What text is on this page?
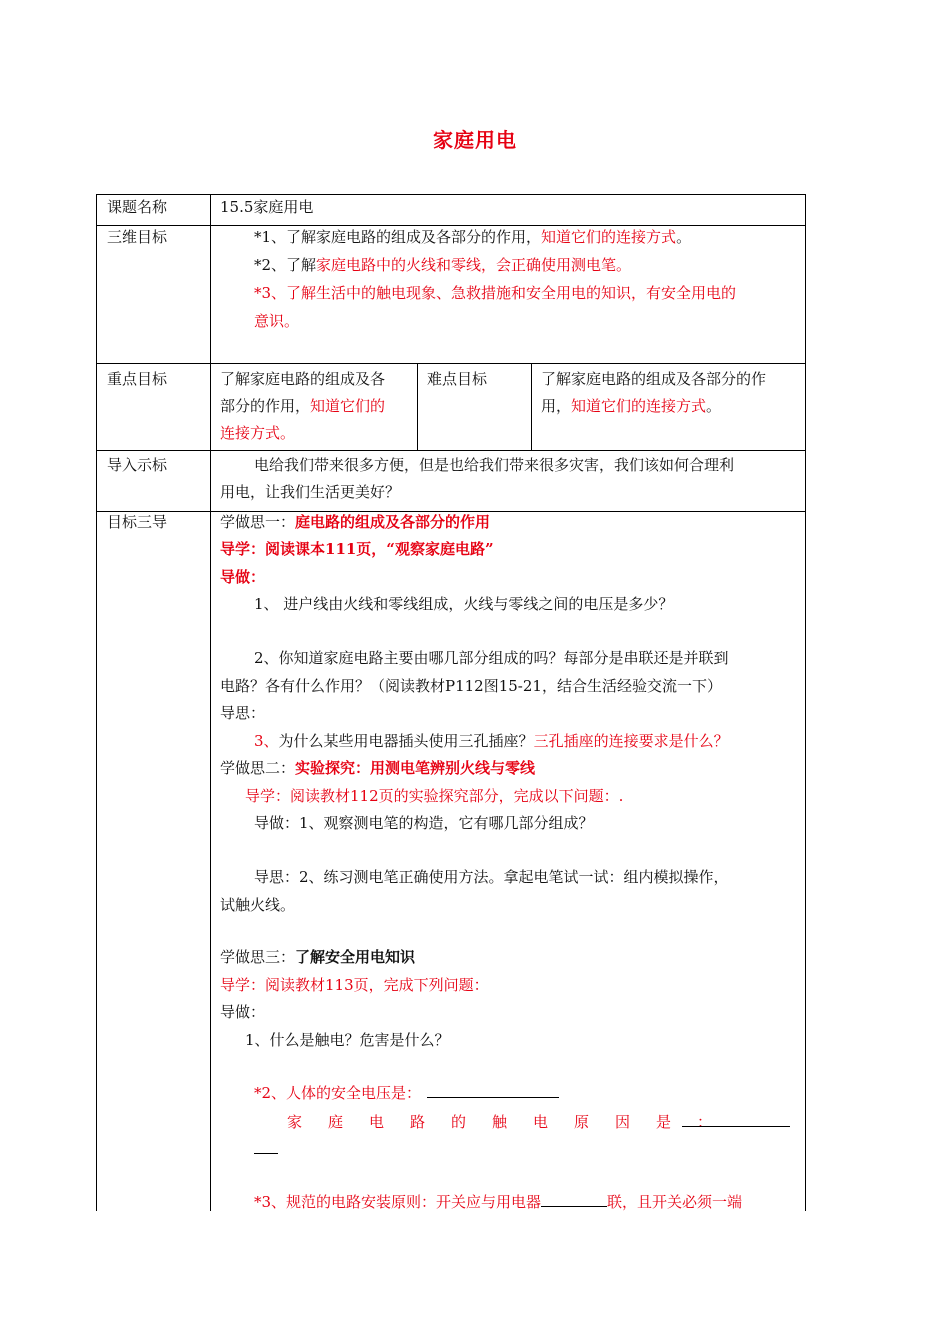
家庭用电
课题名称	15.5家庭用电
三维目标	*1、了解家庭电路的组成及各部分的作用，知道它们的连接方式。
*2、了解家庭电路中的火线和零线，会正确使用测电笔。
*3、了解生活中的触电现象、急救措施和安全用电的知识，有安全用电的
意识。
重点目标	了解家庭电路的组成及各
部分的作用，知道它们的
连接方式。
难点目标	了解家庭电路的组成及各部分的作
用，知道它们的连接方式。
导入示标	电给我们带来很多方便，但是也给我们带来很多灾害，我们该如何合理利
用电，让我们生活更美好？
目标三导	学做思一：庭电路的组成及各部分的作用
导学：阅读课本111页，“观察家庭电路”
导做：
1、 进户线由火线和零线组成，火线与零线之间的电压是多少？
2、你知道家庭电路主要由哪几部分组成的吗？每部分是串联还是并联到
电路？各有什么作用？（阅读教材P112图15-21，结合生活经验交流一下）
导思：
3、为什么某些用电器插头使用三孔插座？三孔插座的连接要求是什么？
学做思二：实验探究：用测电笔辨别火线与零线
导学：阅读教材112页的实验探究部分，完成以下问题：.
导做：1、观察测电笔的构造，它有哪几部分组成？
导思：2、练习测电笔正确使用方法。拿起电笔试一试：组内模拟操作，
试触火线。
学做思三：了解安全用电知识
导学：阅读教材113页，完成下列问题：
导做：
1、什么是触电？危害是什么？
*2、人体的安全电压是：
家庭电路的触电原因是：
*3、规范的电路安装原则：开关应与用电器	联，且开关必须一端
